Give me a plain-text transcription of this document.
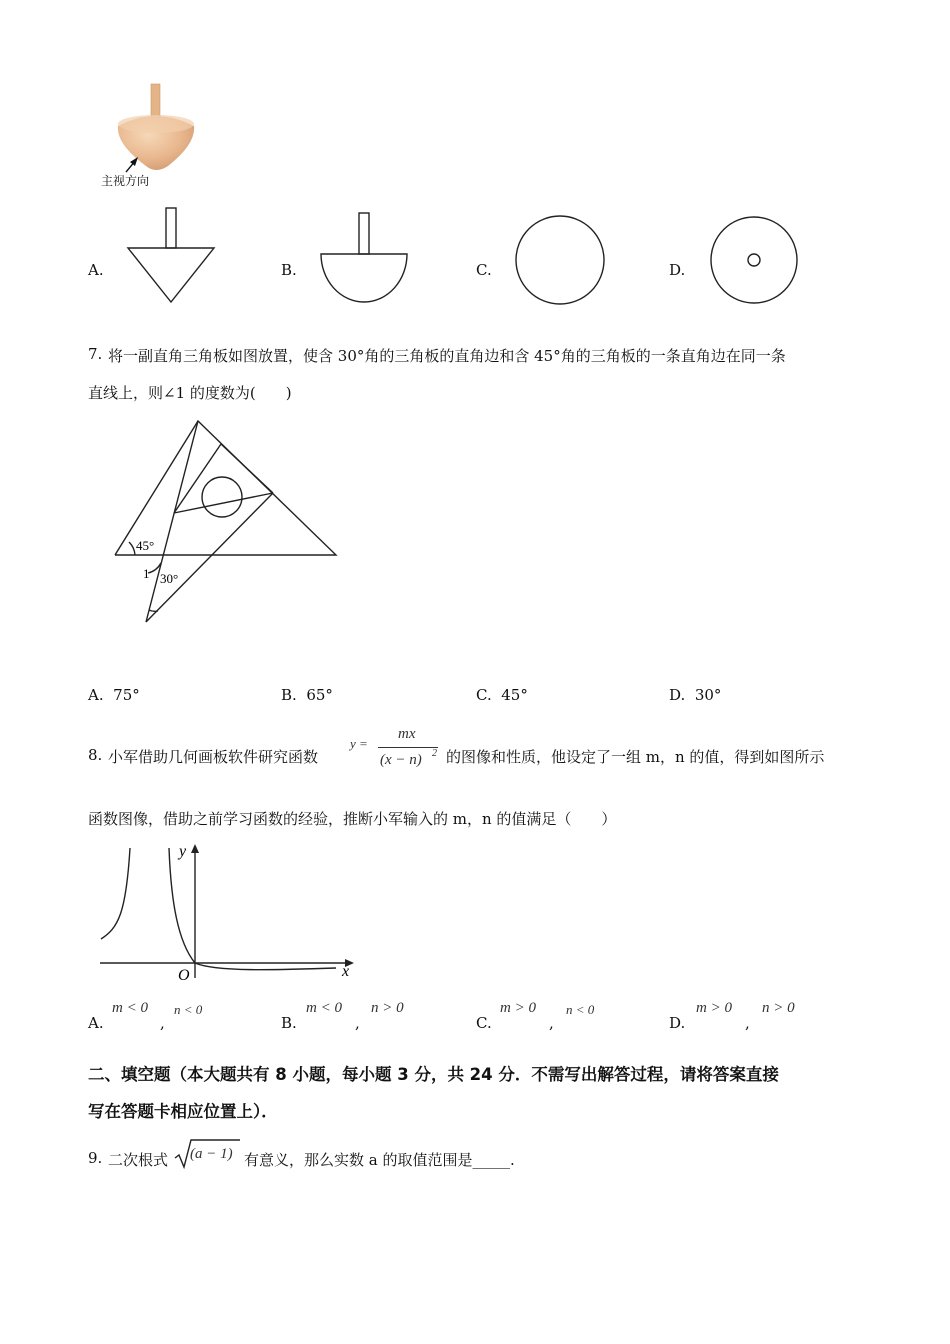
主视方向
A.	B.	C.	D.
7. 将一副直角三角板如图放置，使含 30°角的三角板的直角边和含 45°角的三角板的一条直角边在同一条
直线上，则∠1 的度数为(　　)
45°
1 30°
A. 75°	B. 65°	C. 45°	D. 30°
8. 小军借助几何画板软件研究函数
y =
mx
(x − n) 2 的图像和性质，他设定了一组 m，n 的值，得到如图所示
函数图像，借助之前学习函数的经验，推断小军输入的 m，n 的值满足（　　）
y
x
O
A.
m < 0
,
n < 0
B.
m < 0
,
n > 0
C.
m > 0
,
n < 0
D.
m > 0
,
n > 0
二、填空题（本大题共有 8 小题，每小题 3 分，共 24 分．不需写出解答过程，请将答案直接
写在答题卡相应位置上）．
9. 二次根式 (a − 1) 有意义，那么实数 a 的取值范围是_____.
